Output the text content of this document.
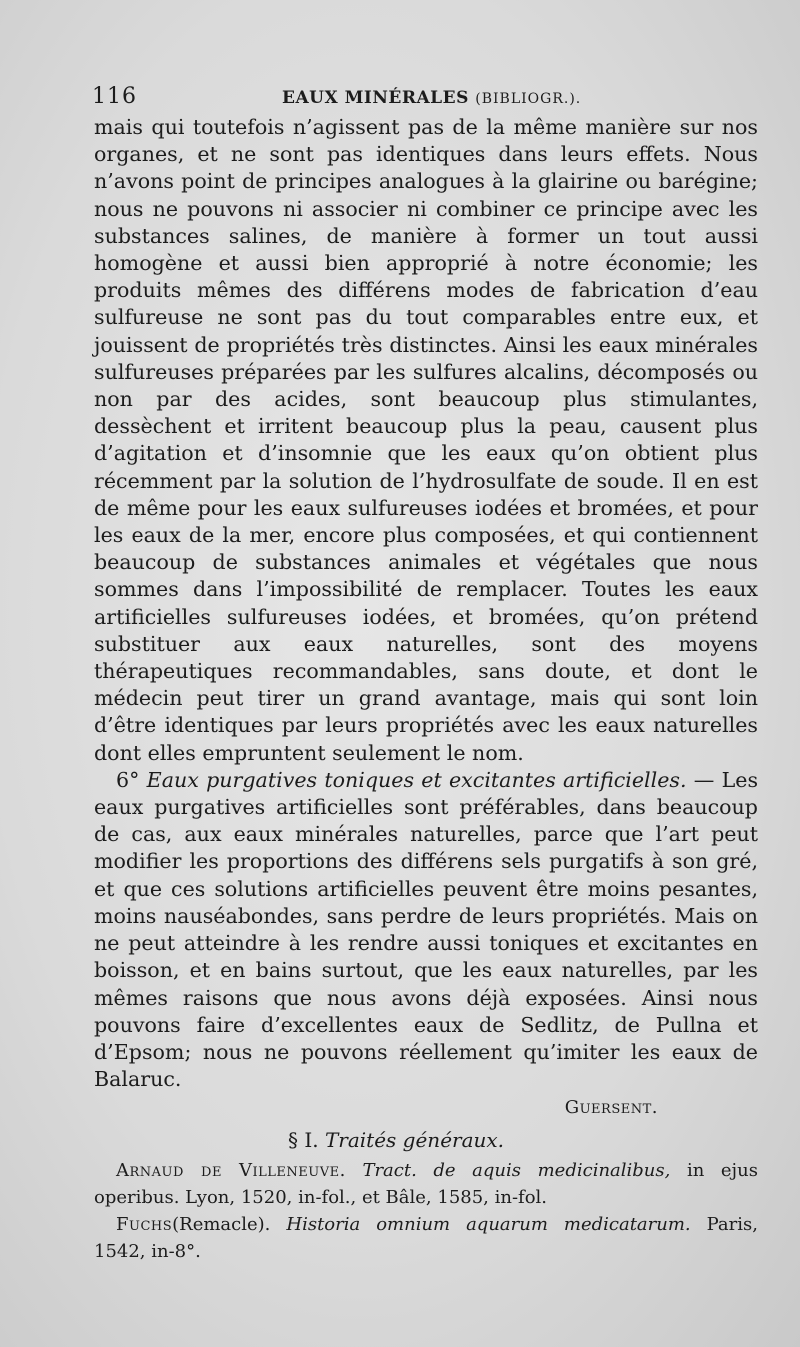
116	EAUX MINÉRALES (BIBLIOGR.).

mais qui toutefois n’agissent pas de la même manière sur nos organes, et ne sont pas identiques dans leurs effets. Nous n’avons point de principes analogues à la glairine ou barégine; nous ne pouvons ni associer ni combiner ce principe avec les substances salines, de manière à former un tout aussi homogène et aussi bien approprié à notre économie; les produits mêmes des différens modes de fabrication d’eau sulfureuse ne sont pas du tout comparables entre eux, et jouissent de propriétés très distinctes. Ainsi les eaux minérales sulfureuses préparées par les sulfures alcalins, décomposés ou non par des acides, sont beaucoup plus stimulantes, dessèchent et irritent beaucoup plus la peau, causent plus d’agitation et d’insomnie que les eaux qu’on obtient plus récemment par la solution de l’hydrosulfate de soude. Il en est de même pour les eaux sulfureuses iodées et bromées, et pour les eaux de la mer, encore plus composées, et qui contiennent beaucoup de substances animales et végétales que nous sommes dans l’impossibilité de remplacer. Toutes les eaux artificielles sulfureuses iodées, et bromées, qu’on prétend substituer aux eaux naturelles, sont des moyens thérapeutiques recommandables, sans doute, et dont le médecin peut tirer un grand avantage, mais qui sont loin d’être identiques par leurs propriétés avec les eaux naturelles dont elles empruntent seulement le nom.

6° Eaux purgatives toniques et excitantes artificielles. — Les eaux purgatives artificielles sont préférables, dans beaucoup de cas, aux eaux minérales naturelles, parce que l’art peut modifier les proportions des différens sels purgatifs à son gré, et que ces solutions artificielles peuvent être moins pesantes, moins nauséabondes, sans perdre de leurs propriétés. Mais on ne peut atteindre à les rendre aussi toniques et excitantes en boisson, et en bains surtout, que les eaux naturelles, par les mêmes raisons que nous avons déjà exposées. Ainsi nous pouvons faire d’excellentes eaux de Sedlitz, de Pullna et d’Epsom; nous ne pouvons réellement qu’imiter les eaux de Balaruc.

Guersent.

§ I. Traités généraux.

Arnaud de Villeneuve. Tract. de aquis medicinalibus, in ejus operibus. Lyon, 1520, in-fol., et Bâle, 1585, in-fol.

Fuchs(Remacle). Historia omnium aquarum medicatarum. Paris, 1542, in-8°.
